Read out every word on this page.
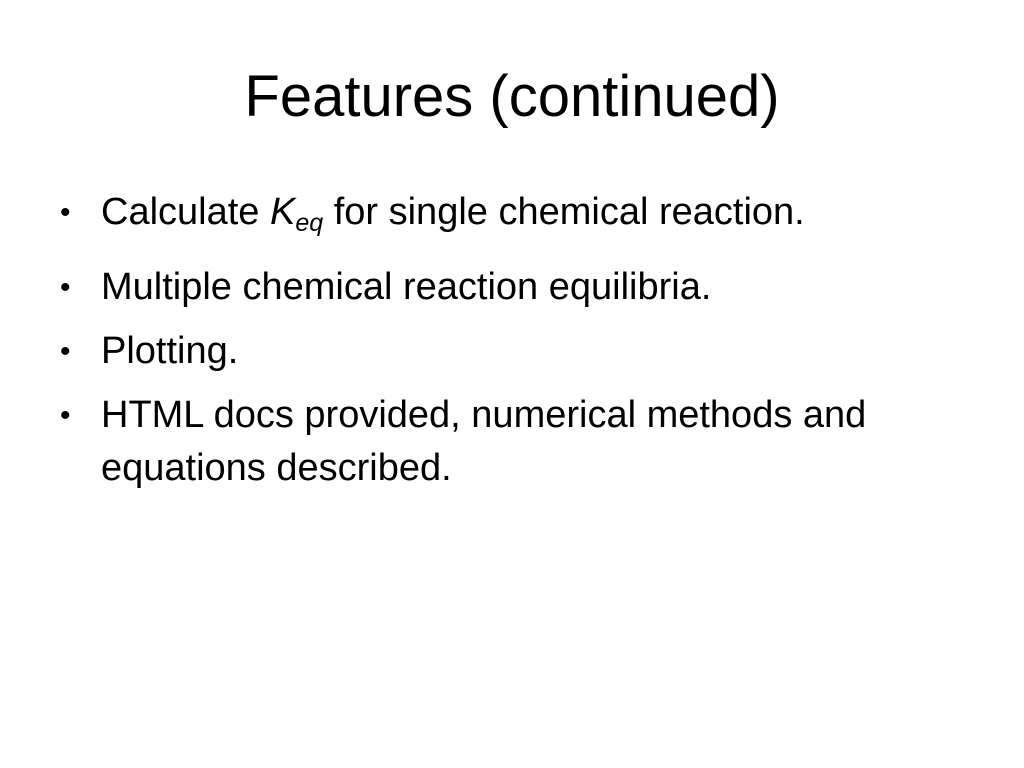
Features (continued)
• Calculate $K_{eq}$ for single chemical reaction.
• Multiple chemical reaction equilibria.
• Plotting.
• HTML docs provided, numerical methods and equations described.
